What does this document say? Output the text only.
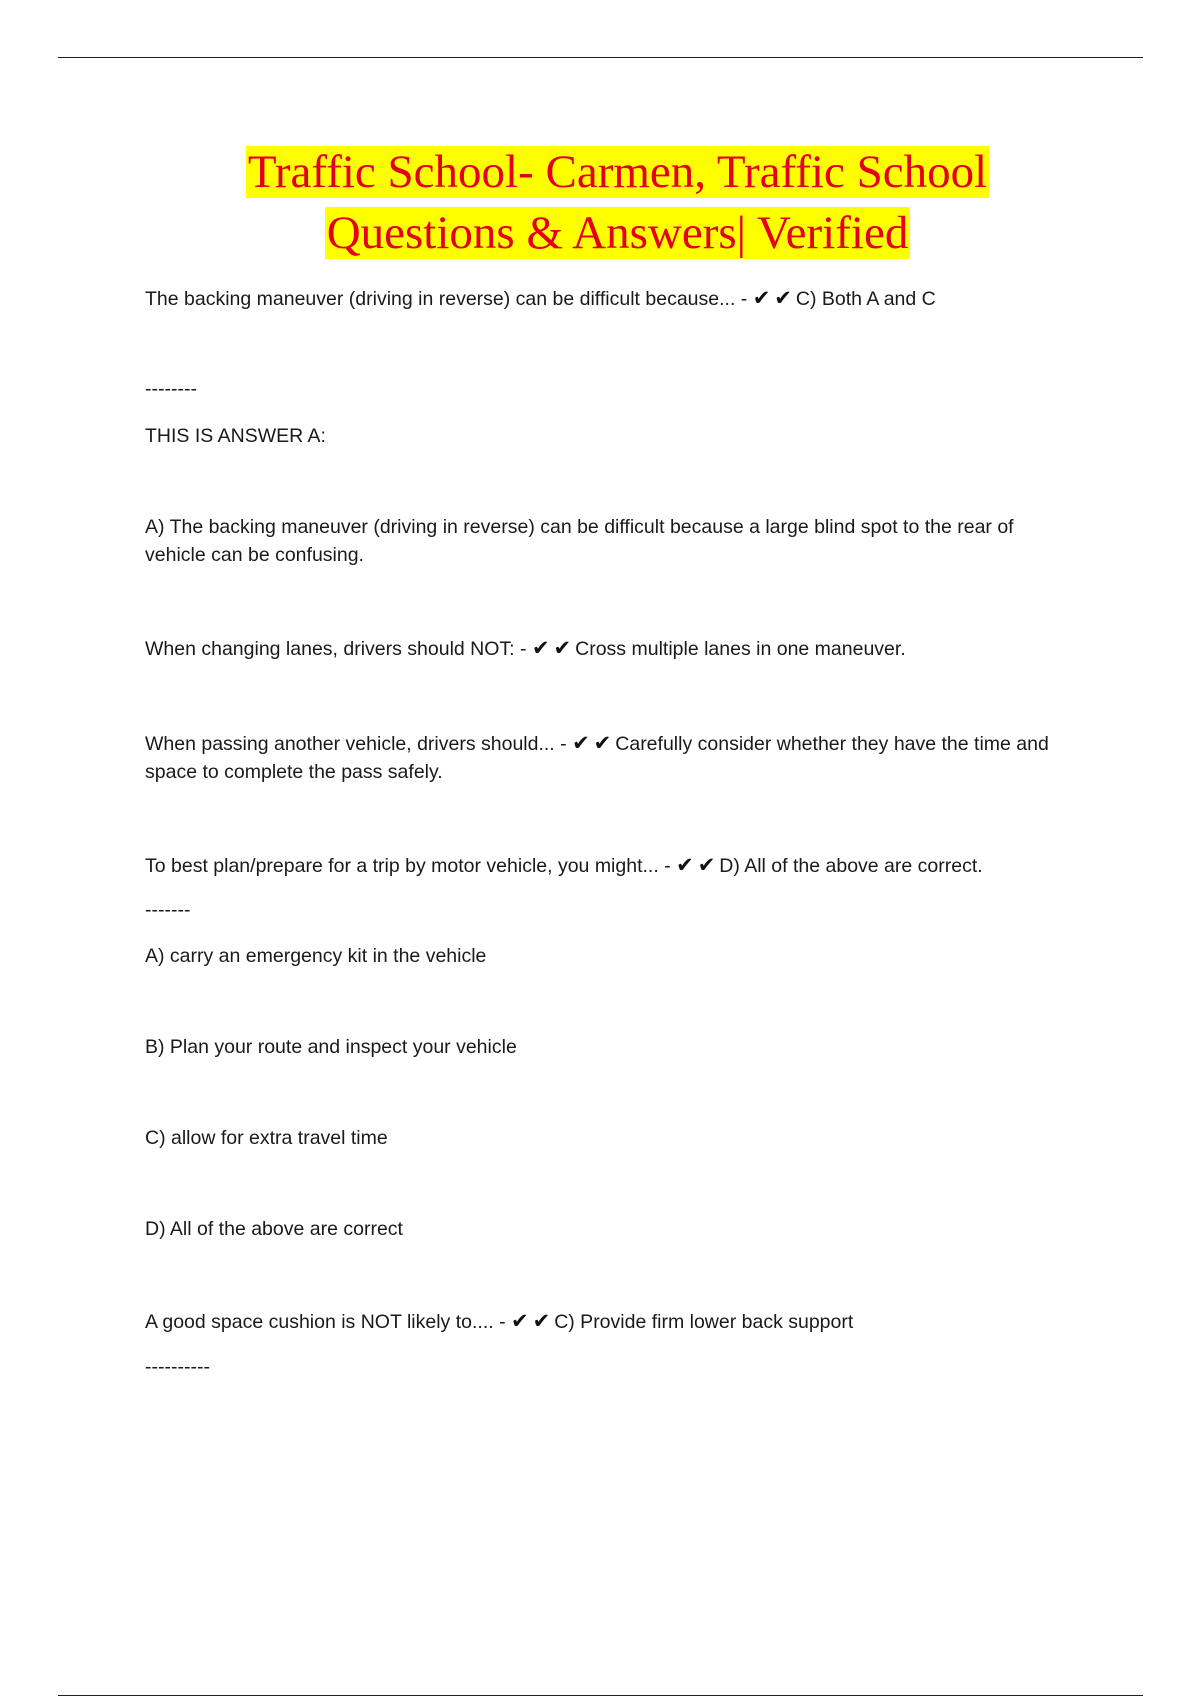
Traffic School- Carmen, Traffic School
Questions & Answers| Verified
The backing maneuver (driving in reverse) can be difficult because... - ✔✔C) Both A and C
--------
THIS IS ANSWER A:
A) The backing maneuver (driving in reverse) can be difficult because a large blind spot to the rear of vehicle can be confusing.
When changing lanes, drivers should NOT: - ✔✔Cross multiple lanes in one maneuver.
When passing another vehicle, drivers should... - ✔✔Carefully consider whether they have the time and space to complete the pass safely.
To best plan/prepare for a trip by motor vehicle, you might... - ✔✔D) All of the above are correct.
-------
A) carry an emergency kit in the vehicle
B) Plan your route and inspect your vehicle
C) allow for extra travel time
D) All of the above are correct
A good space cushion is NOT likely to.... - ✔✔C) Provide firm lower back support
----------
